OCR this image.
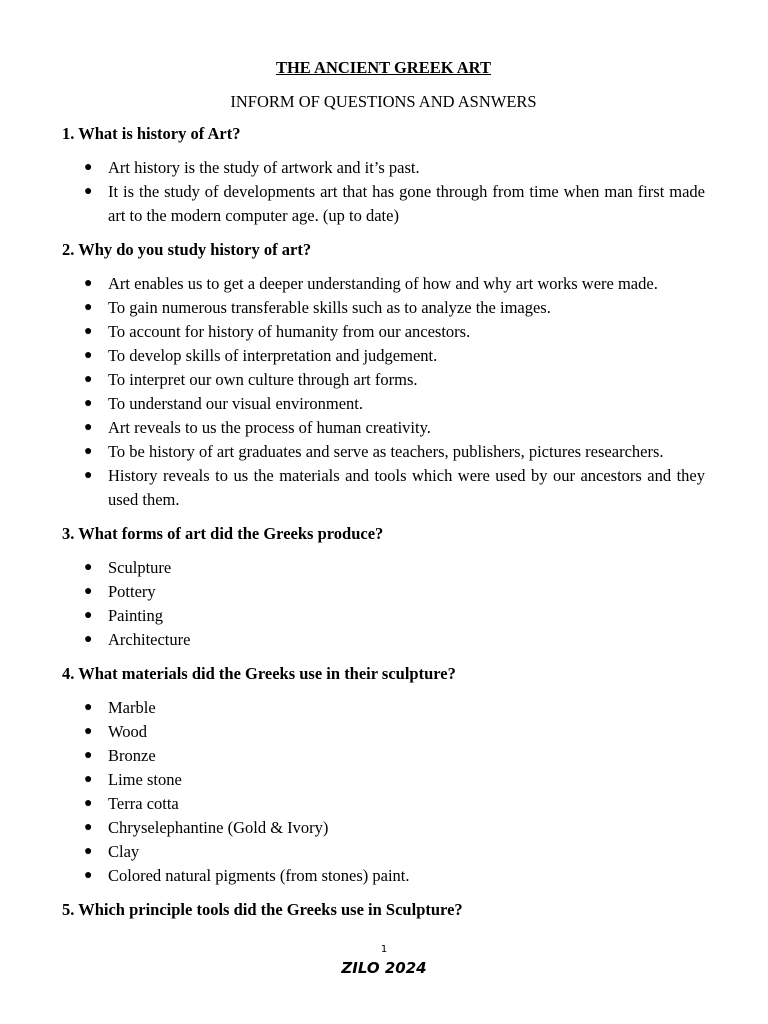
THE ANCIENT GREEK ART
INFORM OF QUESTIONS AND ASNWERS
1. What is history of Art?
● Art history is the study of artwork and it’s past.
● It is the study of developments art that has gone through from time when man first made art to the modern computer age. (up to date)
2. Why do you study history of art?
● Art enables us to get a deeper understanding of how and why art works were made.
● To gain numerous transferable skills such as to analyze the images.
● To account for history of humanity from our ancestors.
● To develop skills of interpretation and judgement.
● To interpret our own culture through art forms.
● To understand our visual environment.
● Art reveals to us the process of human creativity.
● To be history of art graduates and serve as teachers, publishers, pictures researchers.
● History reveals to us the materials and tools which were used by our ancestors and they used them.
3. What forms of art did the Greeks produce?
● Sculpture
● Pottery
● Painting
● Architecture
4. What materials did the Greeks use in their sculpture?
● Marble
● Wood
● Bronze
● Lime stone
● Terra cotta
● Chryselephantine (Gold & Ivory)
● Clay
● Colored natural pigments (from stones) paint.
5. Which principle tools did the Greeks use in Sculpture?
1
ZILO 2024
